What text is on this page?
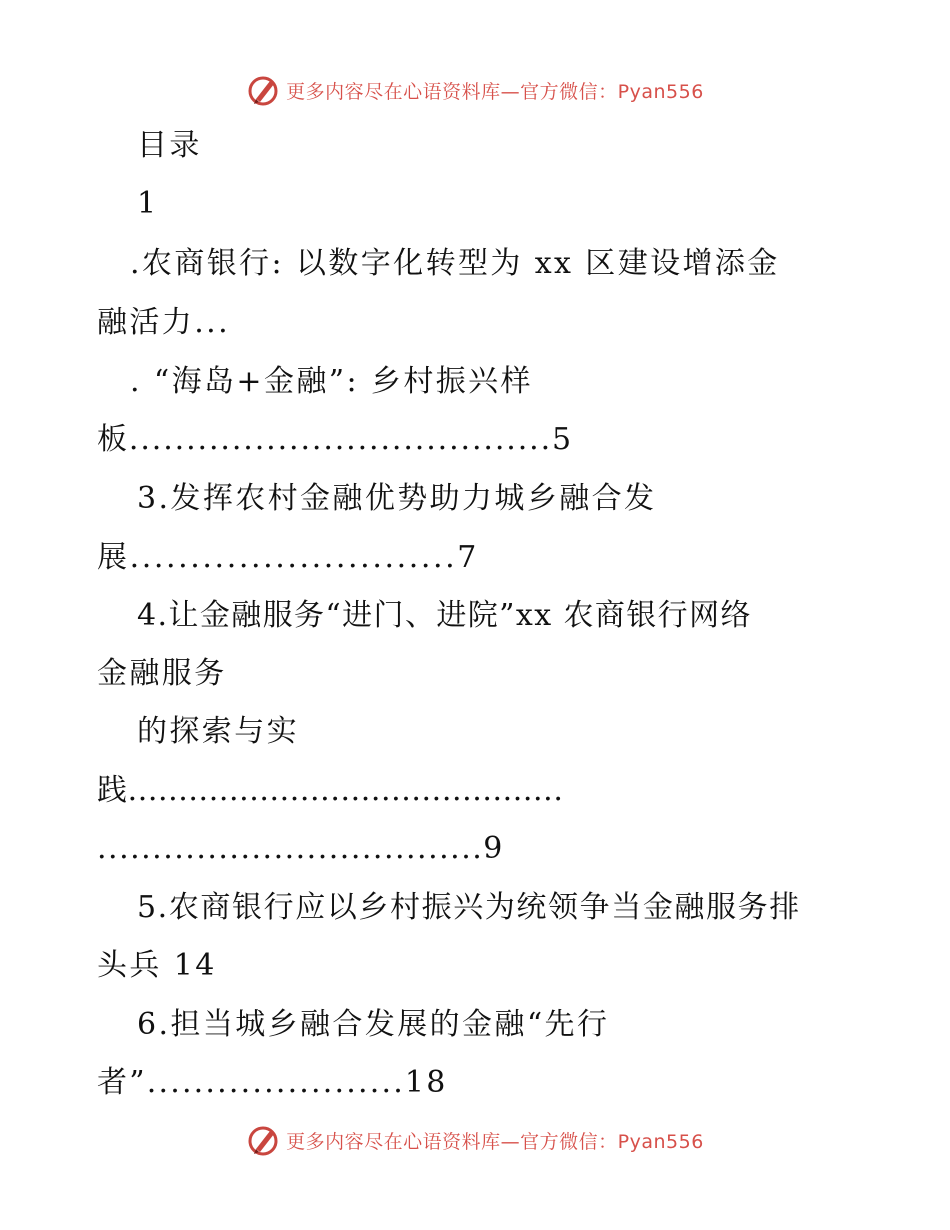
更多内容尽在心语资料库—官方微信：Pyan556
目录
1
.农商银行: 以数字化转型为 xx 区建设增添金
融活力...
. “海岛+金融”: 乡村振兴样
板.....................................5
3.发挥农村金融优势助力城乡融合发
展...........................7
4.让金融服务“进门、进院”xx 农商银行网络
金融服务
的探索与实
践...........................................
...................................9
5.农商银行应以乡村振兴为统领争当金融服务排
头兵 14
6.担当城乡融合发展的金融“先行
者”......................18
更多内容尽在心语资料库—官方微信：Pyan556
